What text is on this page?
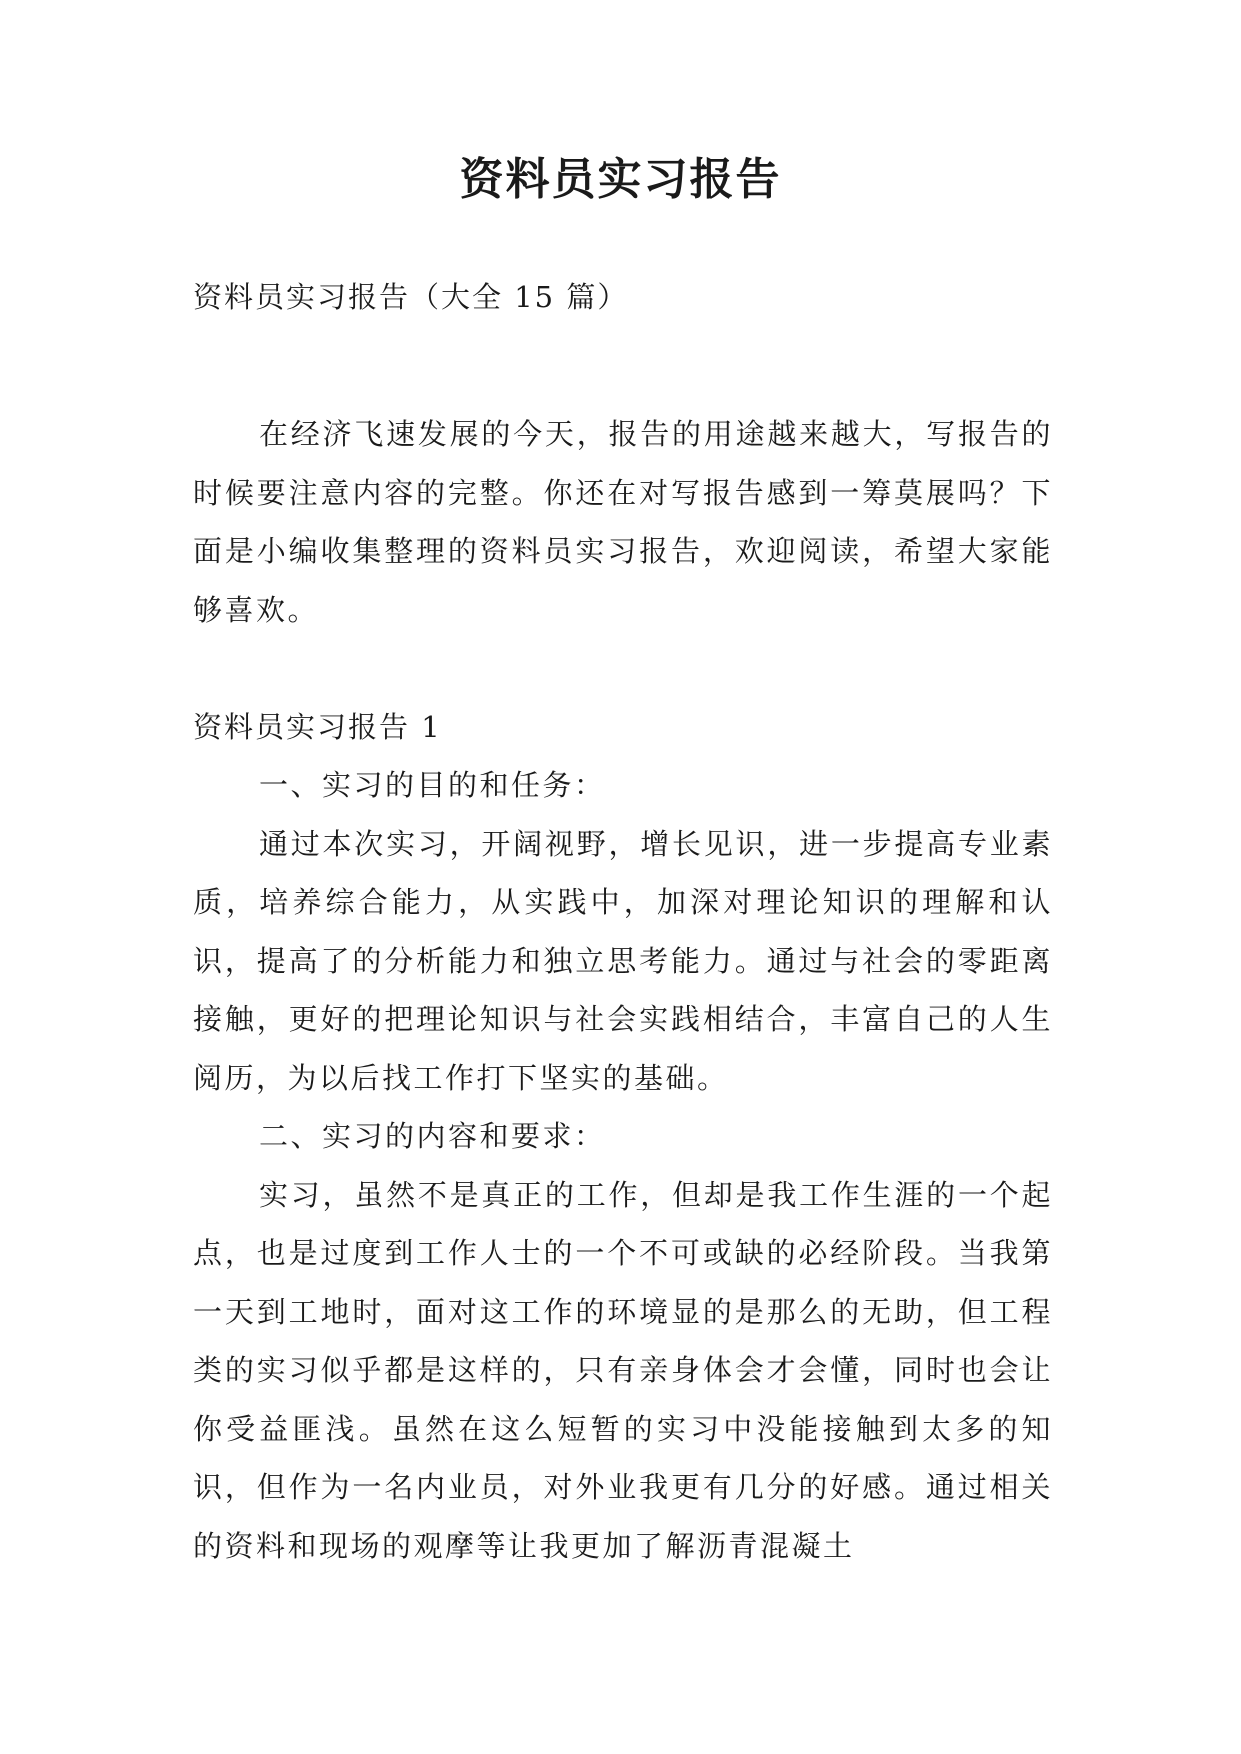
资料员实习报告

资料员实习报告（大全 15 篇）

在经济飞速发展的今天，报告的用途越来越大，写报告的时候要注意内容的完整。你还在对写报告感到一筹莫展吗？下面是小编收集整理的资料员实习报告，欢迎阅读，希望大家能够喜欢。

资料员实习报告 1

一、实习的目的和任务：

通过本次实习，开阔视野，增长见识，进一步提高专业素质，培养综合能力，从实践中，加深对理论知识的理解和认识，提高了的分析能力和独立思考能力。通过与社会的零距离接触，更好的把理论知识与社会实践相结合，丰富自己的人生阅历，为以后找工作打下坚实的基础。

二、实习的内容和要求：

实习，虽然不是真正的工作，但却是我工作生涯的一个起点，也是过度到工作人士的一个不可或缺的必经阶段。当我第一天到工地时，面对这工作的环境显的是那么的无助，但工程类的实习似乎都是这样的，只有亲身体会才会懂，同时也会让你受益匪浅。虽然在这么短暂的实习中没能接触到太多的知识，但作为一名内业员，对外业我更有几分的好感。通过相关的资料和现场的观摩等让我更加了解沥青混凝土
